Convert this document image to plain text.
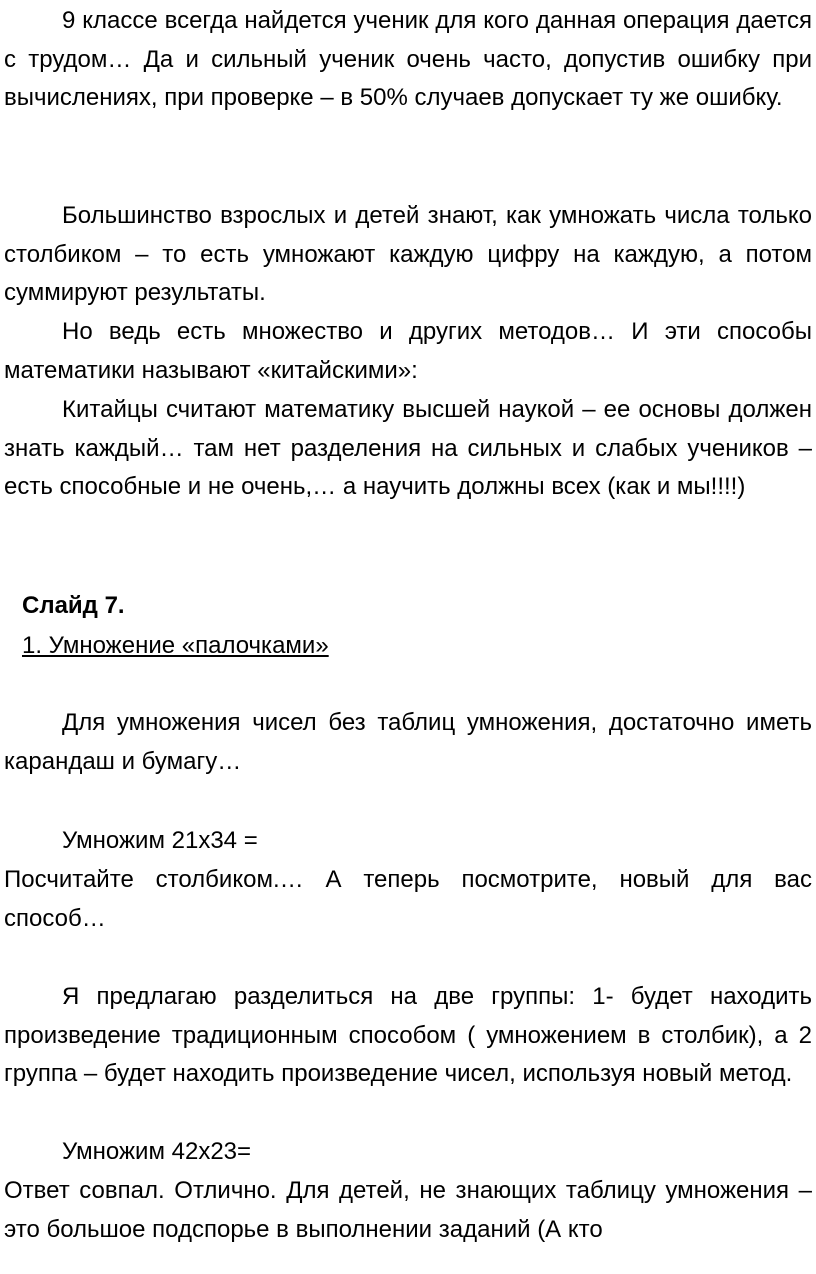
9 классе всегда найдется ученик для кого данная операция дается с трудом… Да и сильный ученик очень часто, допустив ошибку при вычислениях, при проверке – в 50% случаев допускает ту же ошибку.

Большинство взрослых и детей знают, как умножать числа только столбиком – то есть умножают каждую цифру на каждую, а потом суммируют результаты.

Но ведь есть множество и других методов… И эти способы математики называют «китайскими»:

Китайцы считают математику высшей наукой – ее основы должен знать каждый… там нет разделения на сильных и слабых учеников – есть способные и не очень,… а научить должны всех (как и мы!!!!)

Слайд 7.

1. Умножение «палочками»

Для умножения чисел без таблиц умножения, достаточно иметь карандаш и бумагу…

Умножим 21х34 =

Посчитайте столбиком.… А теперь посмотрите, новый для вас способ…

Я предлагаю разделиться на две группы: 1- будет находить произведение традиционным способом ( умножением в столбик), а 2 группа – будет находить произведение чисел, используя новый метод.

Умножим 42х23=

Ответ совпал. Отлично. Для детей, не знающих таблицу умножения – это большое подспорье в выполнении заданий (А кто
